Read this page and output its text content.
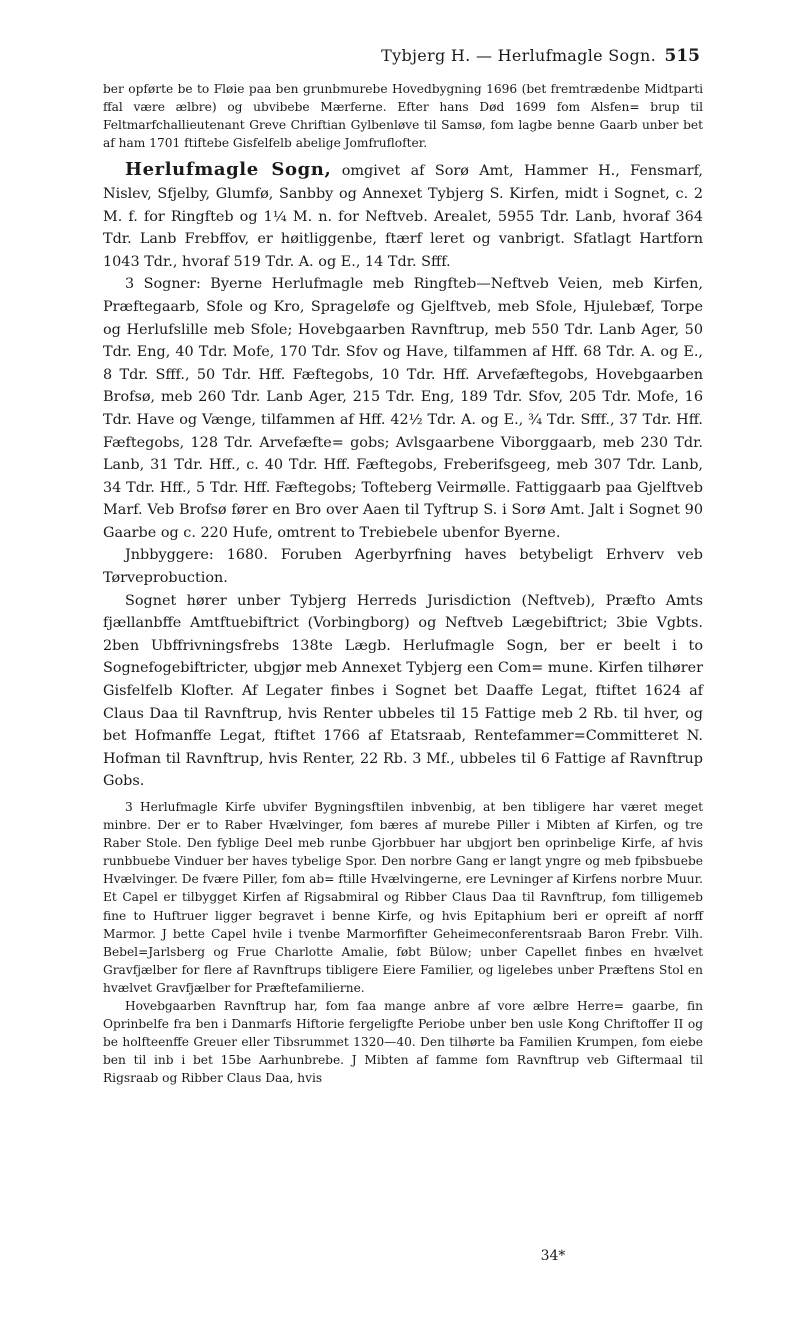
Tybjerg H. — Herlufmagle Sogn. 515

ber opførte be to Fløie paa ben grunbmurebe Hovedbygning 1696 (bet fremtrædenbe Midtparti ffal være ælbre) og ubvibebe Mærferne. Efter hans Død 1699 fom Alsfen= brup til Feltmarfchallieutenant Greve Chriftian Gylbenløve til Samsø, fom lagbe benne Gaarb unber bet af ham 1701 ftiftebe Gisfelfelb abelige Jomfruflofter.

Herlufmagle Sogn, omgivet af Sorø Amt, Hammer H., Fensmarf, Nislev, Sfjelby, Glumfø, Sanbby og Annexet Tybjerg S. Kirfen, midt i Sognet, c. 2 M. f. for Ringfteb og 1¼ M. n. for Neftveb. Arealet, 5955 Tdr. Lanb, hvoraf 364 Tdr. Lanb Frebffov, er høitliggenbe, ftærf leret og vanbrigt. Sfatlagt Hartforn 1043 Tdr., hvoraf 519 Tdr. A. og E., 14 Tdr. Sfff.

3 Sogner: Byerne Herlufmagle meb Ringfteb—Neftveb Veien, meb Kirfen, Præftegaarb, Sfole og Kro, Sprageløfe og Gjelftveb, meb Sfole, Hjulebæf, Torpe og Herlufslille meb Sfole; Hovebgaarben Ravnftrup, meb 550 Tdr. Lanb Ager, 50 Tdr. Eng, 40 Tdr. Mofe, 170 Tdr. Sfov og Have, tilfammen af Hff. 68 Tdr. A. og E., 8 Tdr. Sfff., 50 Tdr. Hff. Fæftegobs, 10 Tdr. Hff. Arvefæftegobs, Hovebgaarben Brofsø, meb 260 Tdr. Lanb Ager, 215 Tdr. Eng, 189 Tdr. Sfov, 205 Tdr. Mofe, 16 Tdr. Have og Vænge, tilfammen af Hff. 42½ Tdr. A. og E., ¾ Tdr. Sfff., 37 Tdr. Hff. Fæftegobs, 128 Tdr. Arvefæfte= gobs; Avlsgaarbene Viborggaarb, meb 230 Tdr. Lanb, 31 Tdr. Hff., c. 40 Tdr. Hff. Fæftegobs, Freberifsgeeg, meb 307 Tdr. Lanb, 34 Tdr. Hff., 5 Tdr. Hff. Fæftegobs; Tofteberg Veirmølle. Fattiggaarb paa Gjelftveb Marf. Veb Brofsø fører en Bro over Aaen til Tyftrup S. i Sorø Amt. Jalt i Sognet 90 Gaarbe og c. 220 Hufe, omtrent to Trebiebele ubenfor Byerne.

Jnbbyggere: 1680. Foruben Agerbyrfning haves betybeligt Erhverv veb Tørveprobuction.

Sognet hører unber Tybjerg Herreds Jurisdiction (Neftveb), Præfto Amts fjællanbffe Amtftuebiftrict (Vorbingborg) og Neftveb Lægebiftrict; 3bie Vgbts. 2ben Ubffrivningsfrebs 138te Lægb. Herlufmagle Sogn, ber er beelt i to Sognefogebiftricter, ubgjør meb Annexet Tybjerg een Com= mune. Kirfen tilhører Gisfelfelb Klofter. Af Legater finbes i Sognet bet Daaffe Legat, ftiftet 1624 af Claus Daa til Ravnftrup, hvis Renter ubbeles til 15 Fattige meb 2 Rb. til hver, og bet Hofmanffe Legat, ftiftet 1766 af Etatsraab, Rentefammer=Committeret N. Hofman til Ravnftrup, hvis Renter, 22 Rb. 3 Mf., ubbeles til 6 Fattige af Ravnftrup Gobs.

3 Herlufmagle Kirfe ubvifer Bygningsftilen inbvenbig, at ben tibligere har været meget minbre. Der er to Raber Hvælvinger, fom bæres af murebe Piller i Mibten af Kirfen, og tre Raber Stole. Den fyblige Deel meb runbe Gjorbbuer har ubgjort ben oprinbelige Kirfe, af hvis runbbuebe Vinduer ber haves tybelige Spor. Den norbre Gang er langt yngre og meb fpibsbuebe Hvælvinger. De fvære Piller, fom ab= ftille Hvælvingerne, ere Levninger af Kirfens norbre Muur. Et Capel er tilbygget Kirfen af Rigsabmiral og Ribber Claus Daa til Ravnftrup, fom tilligemeb fine to Huftruer ligger begravet i benne Kirfe, og hvis Epitaphium beri er opreift af norff Marmor. J bette Capel hvile i tvenbe Marmorfifter Geheimeconferentsraab Baron Frebr. Vilh. Bebel=Jarlsberg og Frue Charlotte Amalie, føbt Bülow; unber Capellet finbes en hvælvet Gravfjælber for flere af Ravnftrups tibligere Eiere Familier, og ligelebes unber Præftens Stol en hvælvet Gravfjælber for Præftefamilierne.

Hovebgaarben Ravnftrup har, fom faa mange anbre af vore ælbre Herre= gaarbe, fin Oprinbelfe fra ben i Danmarfs Hiftorie fergeligfte Periobe unber ben usle Kong Chriftoffer II og be holfteenffe Greuer eller Tibsrummet 1320—40. Den tilhørte ba Familien Krumpen, fom eiebe ben til inb i bet 15be Aarhunbrebe. J Mibten af famme fom Ravnftrup veb Giftermaal til Rigsraab og Ribber Claus Daa, hvis

34*
